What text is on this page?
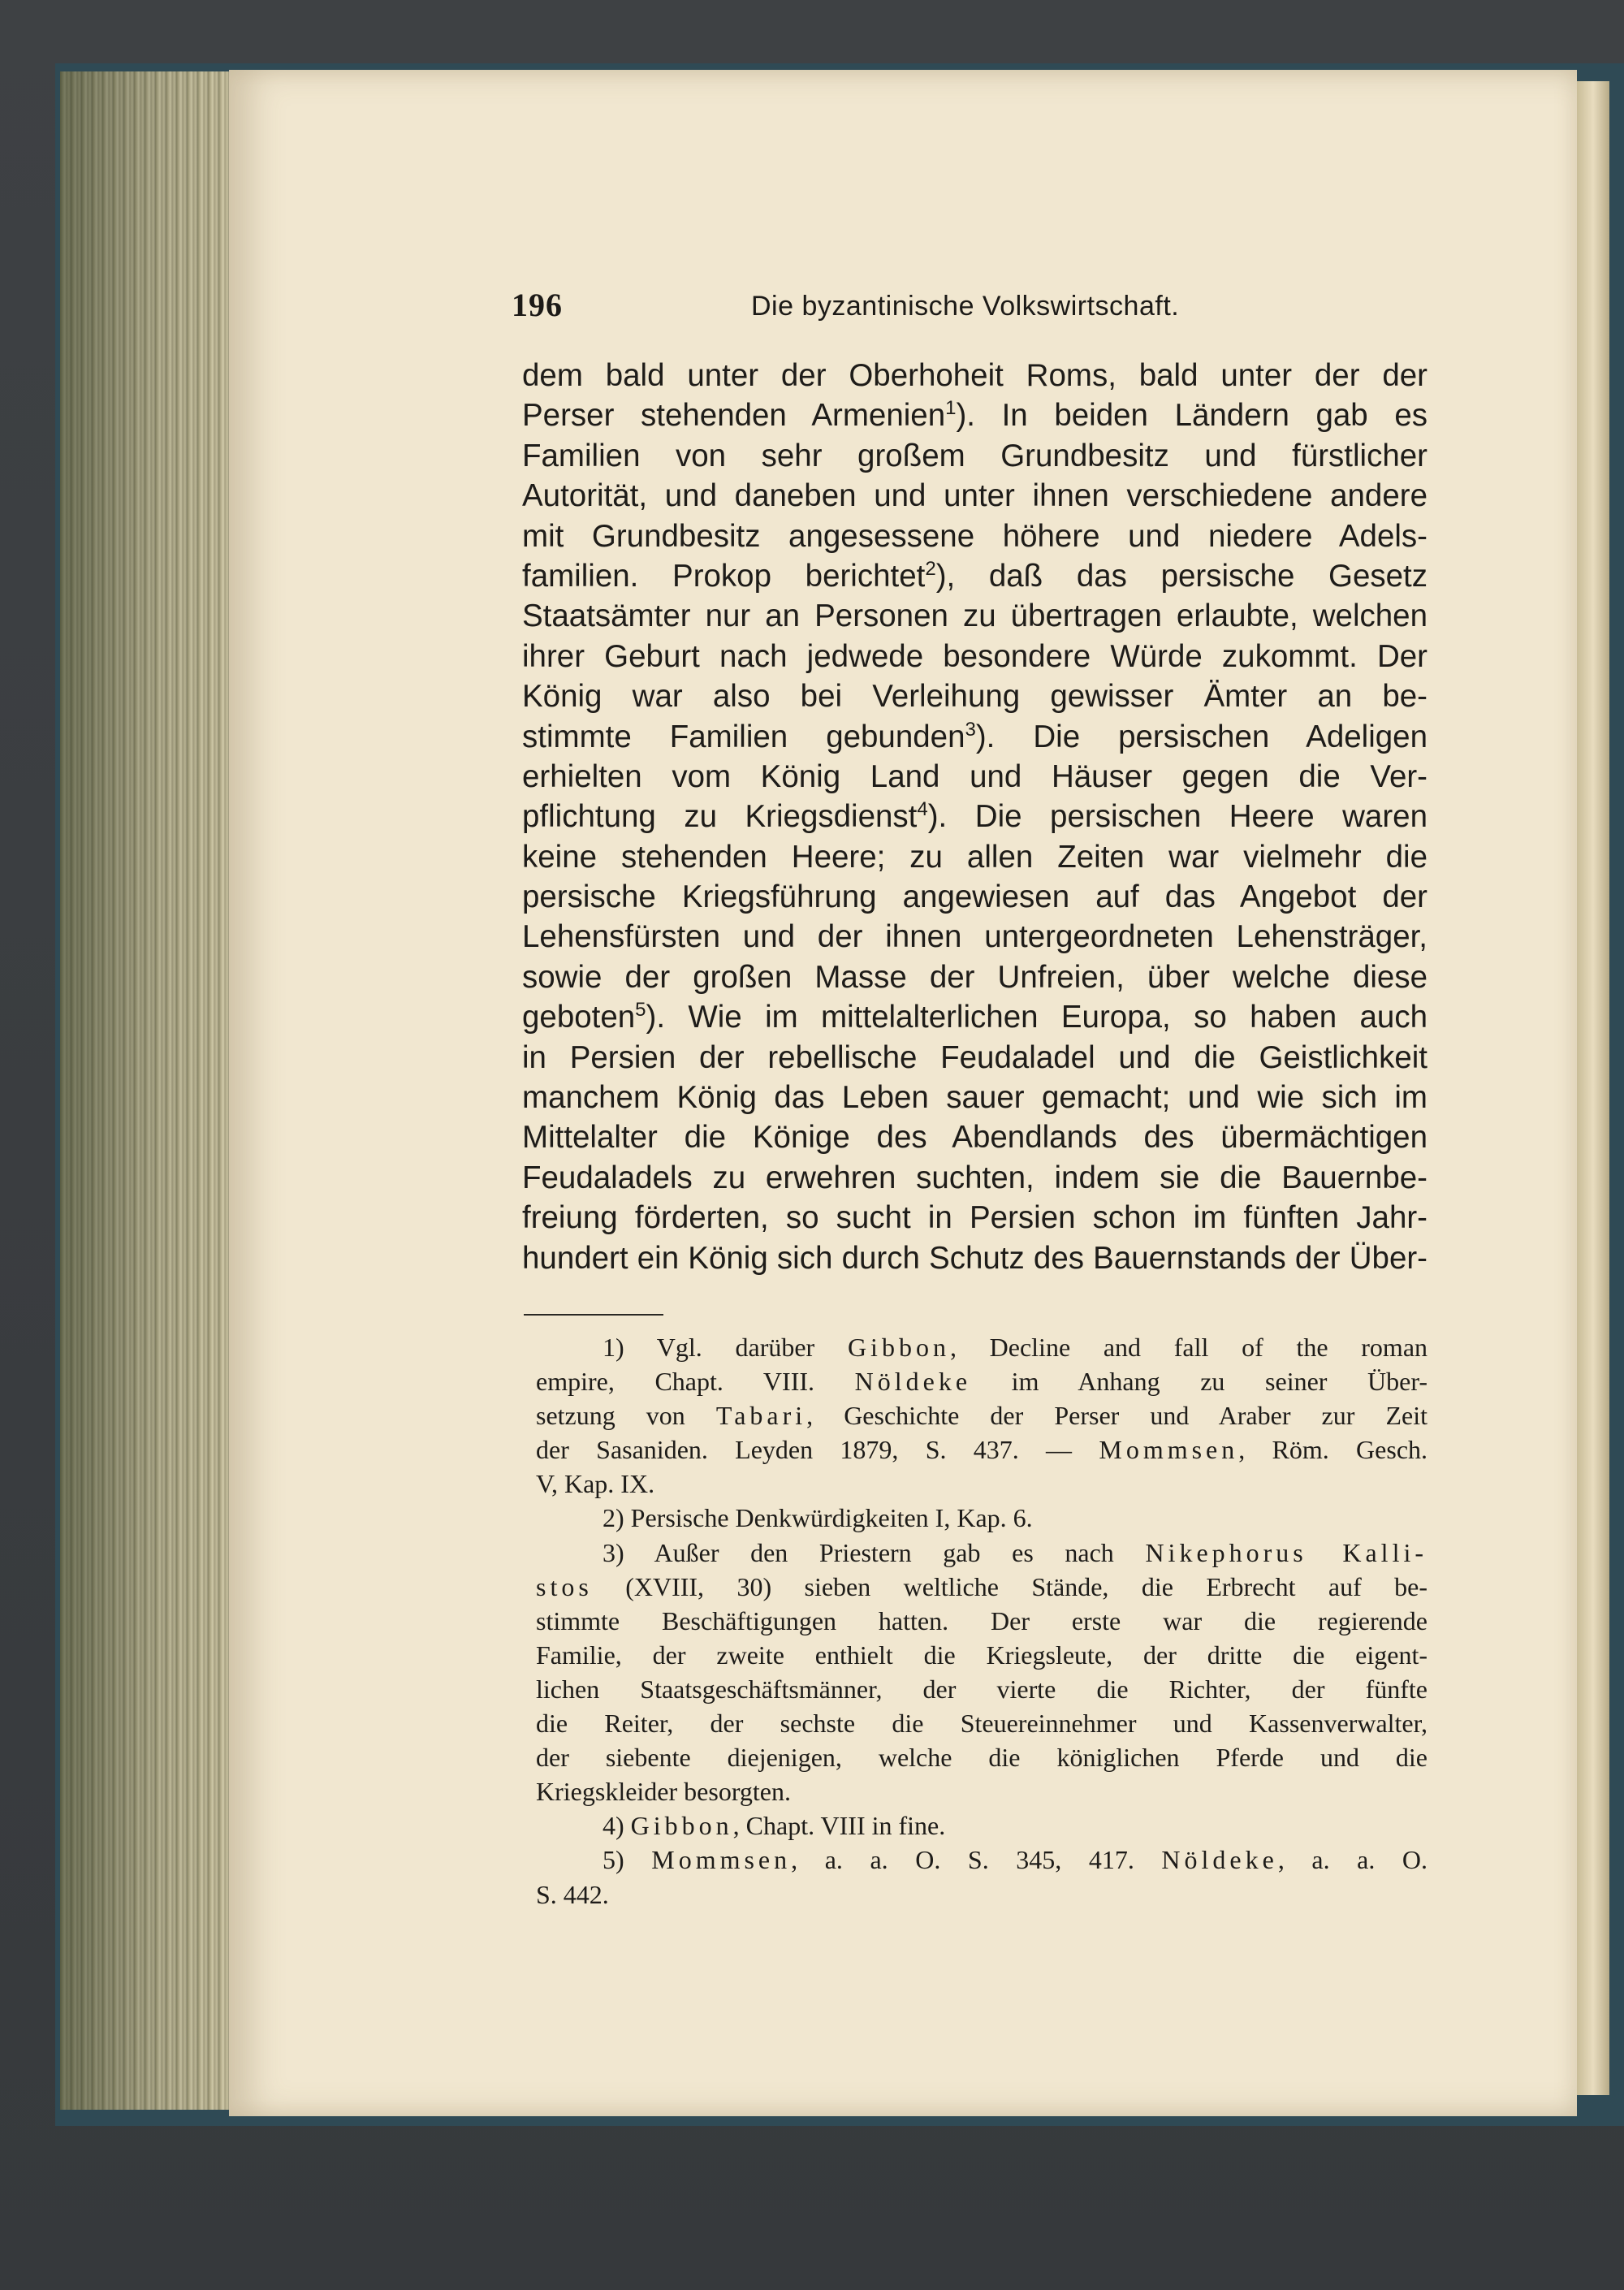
196	Die byzantinische Volkswirtschaft.
dem bald unter der Oberhoheit Roms, bald unter der der
Perser stehenden Armenien$^1$). In beiden Ländern gab es
Familien von sehr großem Grundbesitz und fürstlicher
Autorität, und daneben und unter ihnen verschiedene andere
mit Grundbesitz angesessene höhere und niedere Adels-
familien. Prokop berichtet$^2$), daß das persische Gesetz
Staatsämter nur an Personen zu übertragen erlaubte, welchen
ihrer Geburt nach jedwede besondere Würde zukommt. Der
König war also bei Verleihung gewisser Ämter an be-
stimmte Familien gebunden$^3$). Die persischen Adeligen
erhielten vom König Land und Häuser gegen die Ver-
pflichtung zu Kriegsdienst$^4$). Die persischen Heere waren
keine stehenden Heere; zu allen Zeiten war vielmehr die
persische Kriegsführung angewiesen auf das Angebot der
Lehensfürsten und der ihnen untergeordneten Lehensträger,
sowie der großen Masse der Unfreien, über welche diese
geboten$^5$). Wie im mittelalterlichen Europa, so haben auch
in Persien der rebellische Feudaladel und die Geistlichkeit
manchem König das Leben sauer gemacht; und wie sich im
Mittelalter die Könige des Abendlands des übermächtigen
Feudaladels zu erwehren suchten, indem sie die Bauernbe-
freiung förderten, so sucht in Persien schon im fünften Jahr-
hundert ein König sich durch Schutz des Bauernstands der Über-
1) Vgl. darüber Gibbon, Decline and fall of the roman
empire, Chapt. VIII. Nöldeke im Anhang zu seiner Über-
setzung von Tabari, Geschichte der Perser und Araber zur Zeit
der Sasaniden. Leyden 1879, S. 437. — Mommsen, Röm. Gesch.
V, Kap. IX.
2) Persische Denkwürdigkeiten I, Kap. 6.
3) Außer den Priestern gab es nach Nikephorus Kalli-
stos (XVIII, 30) sieben weltliche Stände, die Erbrecht auf be-
stimmte Beschäftigungen hatten. Der erste war die regierende
Familie, der zweite enthielt die Kriegsleute, der dritte die eigent-
lichen Staatsgeschäftsmänner, der vierte die Richter, der fünfte
die Reiter, der sechste die Steuereinnehmer und Kassenverwalter,
der siebente diejenigen, welche die königlichen Pferde und die
Kriegskleider besorgten.
4) Gibbon, Chapt. VIII in fine.
5) Mommsen, a. a. O. S. 345, 417. Nöldeke, a. a. O.
S. 442.
